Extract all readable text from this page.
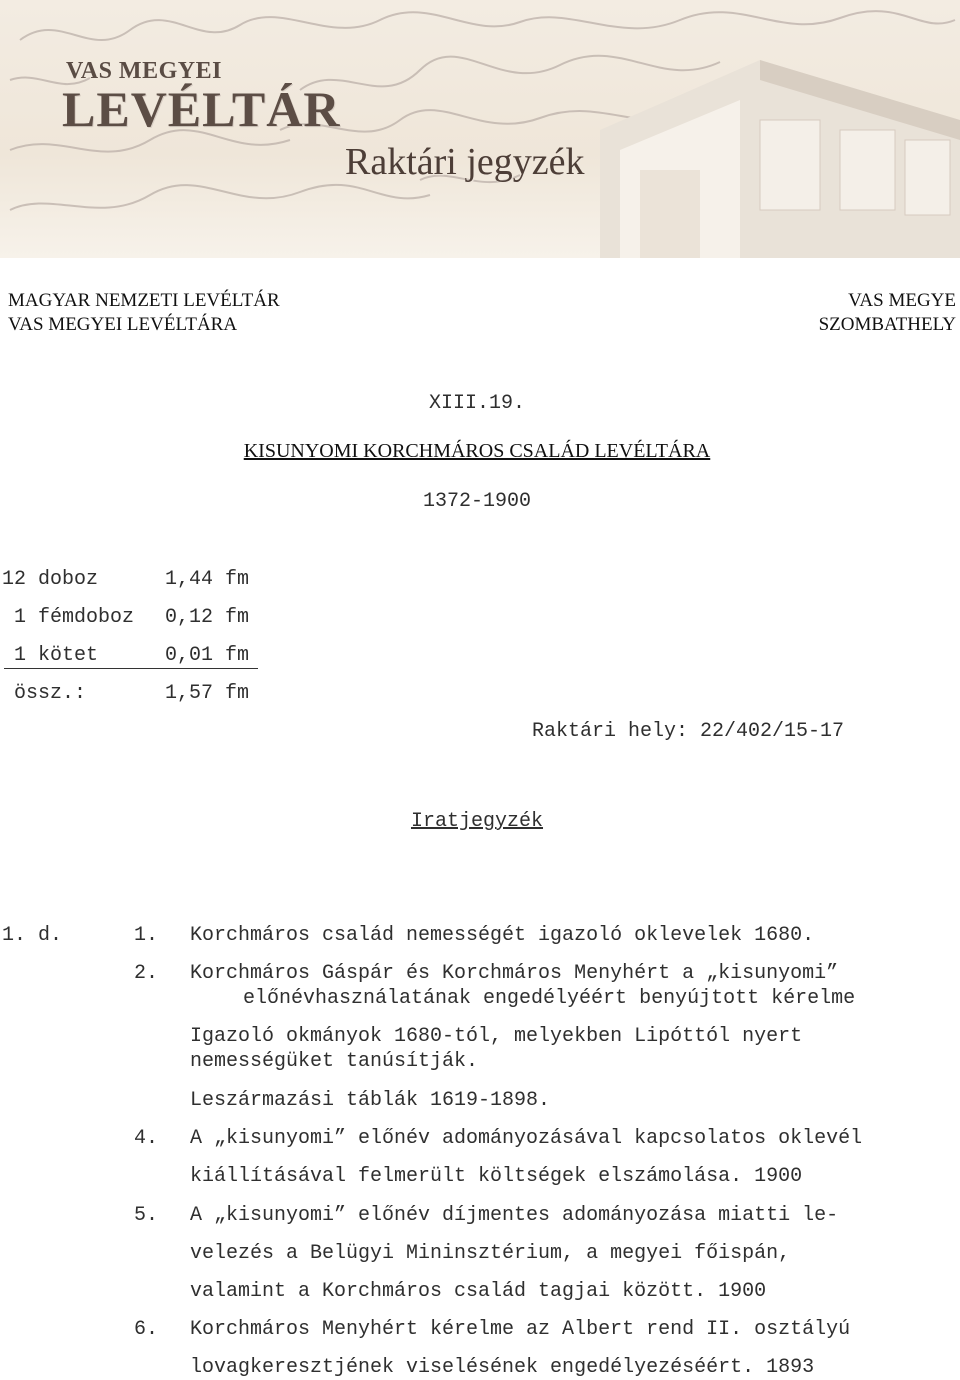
VAS MEGYEI
LEVÉLTÁR
Raktári jegyzék
MAGYAR NEMZETI LEVÉLTÁR
VAS MEGYEI LEVÉLTÁRA
VAS MEGYE
SZOMBATHELY
XIII.19.
KISUNYOMI KORCHMÁROS CSALÁD LEVÉLTÁRA
1372-1900
12 doboz	1,44 fm
1 fémdoboz 0,12 fm
1 kötet	0,01 fm
össz.:	1,57 fm
Raktári hely: 22/402/15-17
Iratjegyzék
1. d.	1. Korchmáros család nemességét igazoló oklevelek 1680.
2. Korchmáros Gáspár és Korchmáros Menyhért a „kisunyomi”
előnévhasználatának engedélyéért benyújtott kérelme
Igazoló okmányok 1680-tól, melyekben Lipóttól nyert
nemességüket tanúsítják.
Leszármazási táblák 1619-1898.
4. A „kisunyomi” előnév adományozásával kapcsolatos oklevél
kiállításával felmerült költségek elszámolása. 1900
5. A „kisunyomi” előnév díjmentes adományozása miatti le-
velezés a Belügyi Mininsztérium, a megyei főispán,
valamint a Korchmáros család tagjai között. 1900
6. Korchmáros Menyhért kérelme az Albert rend II. osztályú
lovagkeresztjének viselésének engedélyezéséért. 1893
